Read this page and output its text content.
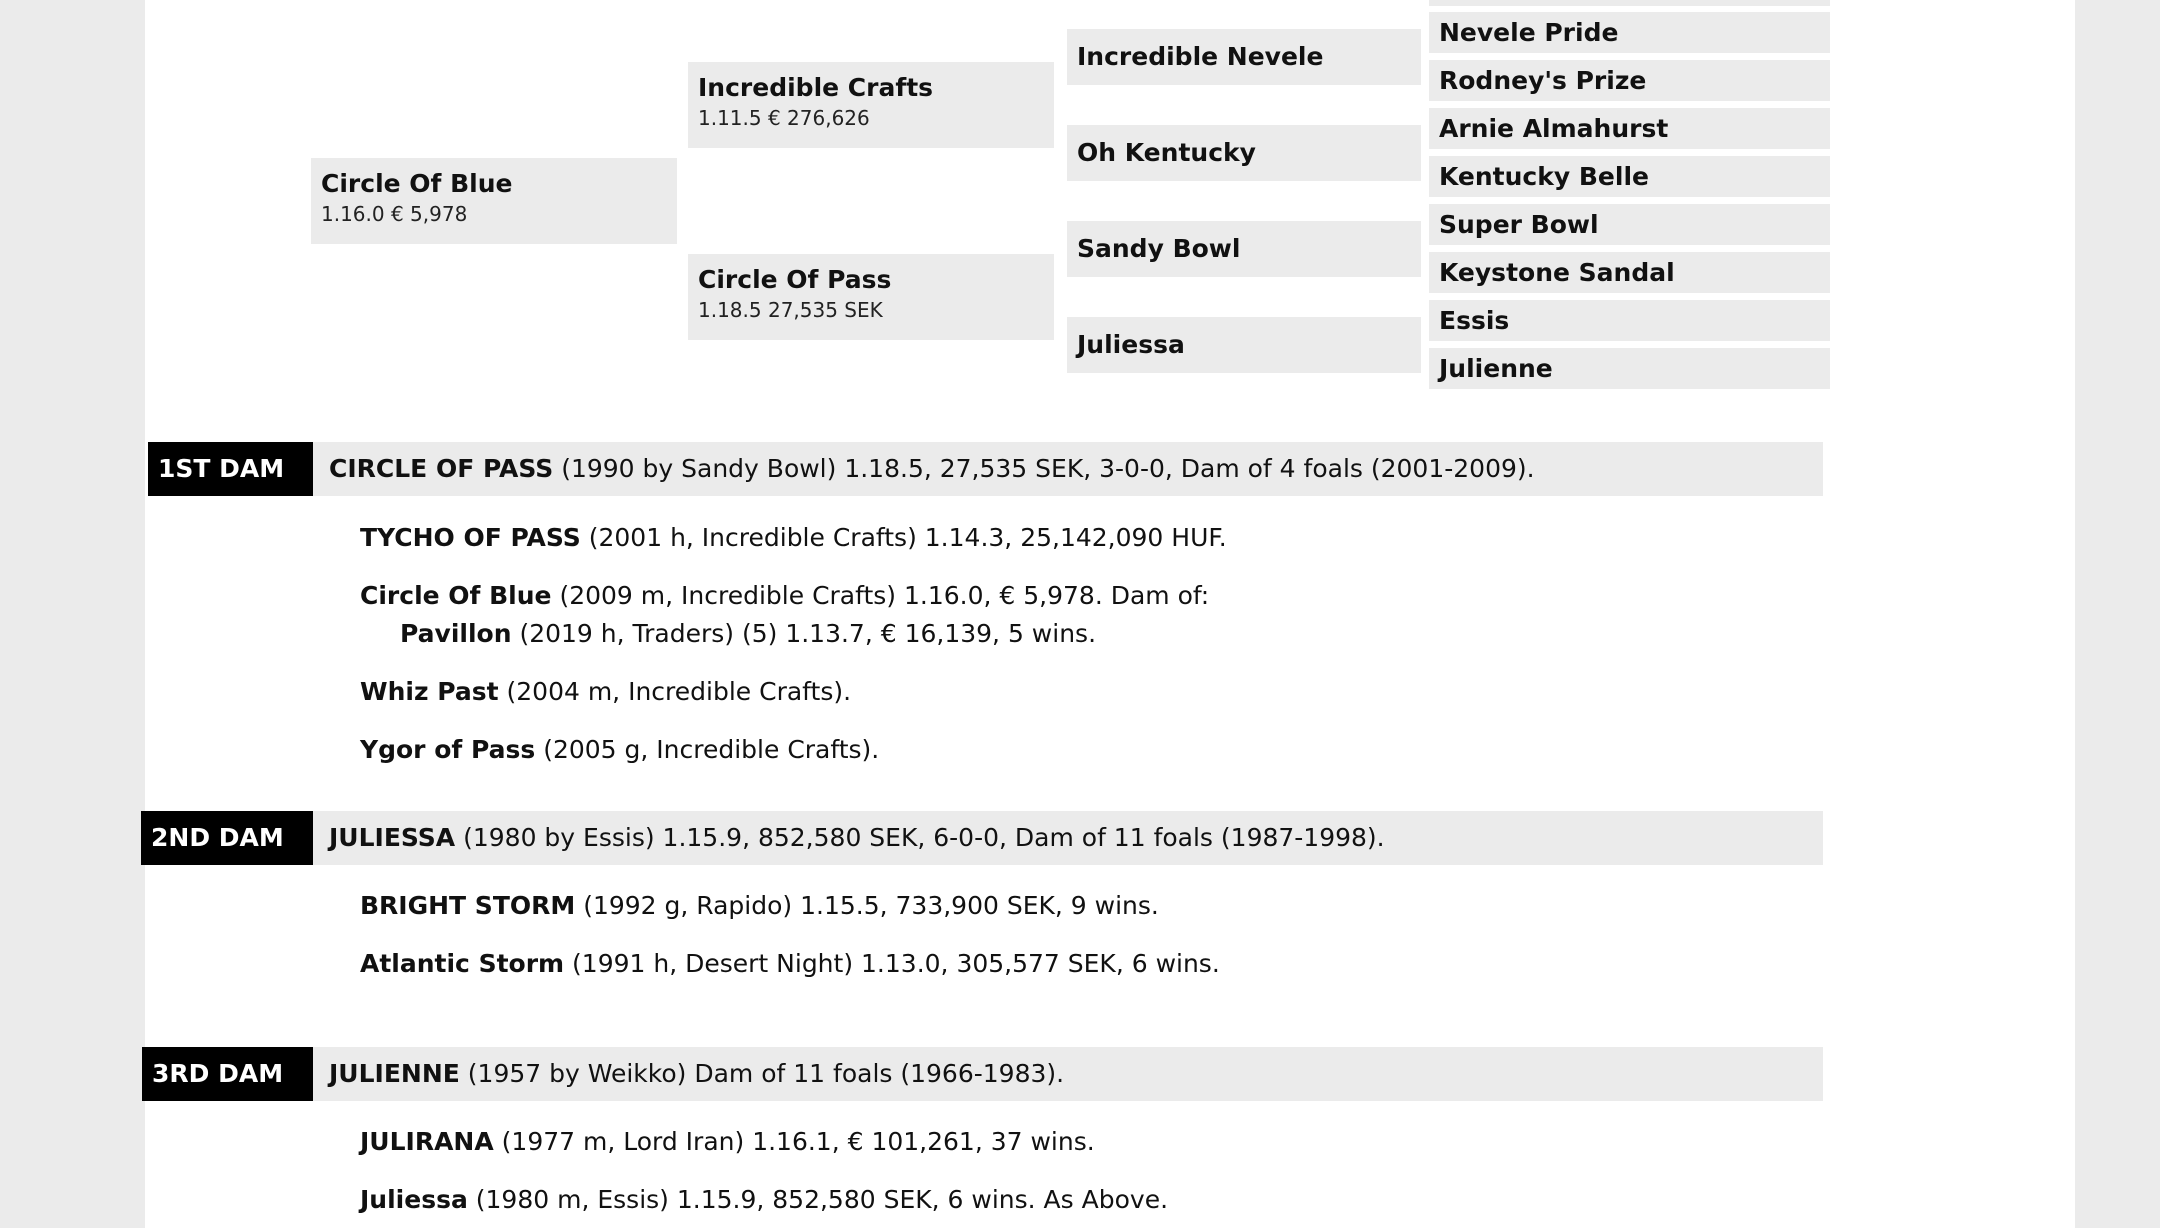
Circle Of Blue
1.16.0 € 5,978
Incredible Crafts
1.11.5 € 276,626
Circle Of Pass
1.18.5 27,535 SEK
Incredible Nevele
Oh Kentucky
Sandy Bowl
Juliessa
Nevele Pride
Rodney's Prize
Arnie Almahurst
Kentucky Belle
Super Bowl
Keystone Sandal
Essis
Julienne
1ST DAM	CIRCLE OF PASS (1990 by Sandy Bowl) 1.18.5, 27,535 SEK, 3-0-0, Dam of 4 foals (2001-2009).
TYCHO OF PASS (2001 h, Incredible Crafts) 1.14.3, 25,142,090 HUF.
Circle Of Blue (2009 m, Incredible Crafts) 1.16.0, € 5,978. Dam of:
Pavillon (2019 h, Traders) (5) 1.13.7, € 16,139, 5 wins.
Whiz Past (2004 m, Incredible Crafts).
Ygor of Pass (2005 g, Incredible Crafts).
2ND DAM	JULIESSA (1980 by Essis) 1.15.9, 852,580 SEK, 6-0-0, Dam of 11 foals (1987-1998).
BRIGHT STORM (1992 g, Rapido) 1.15.5, 733,900 SEK, 9 wins.
Atlantic Storm (1991 h, Desert Night) 1.13.0, 305,577 SEK, 6 wins.
3RD DAM	JULIENNE (1957 by Weikko) Dam of 11 foals (1966-1983).
JULIRANA (1977 m, Lord Iran) 1.16.1, € 101,261, 37 wins.
Juliessa (1980 m, Essis) 1.15.9, 852,580 SEK, 6 wins. As Above.
